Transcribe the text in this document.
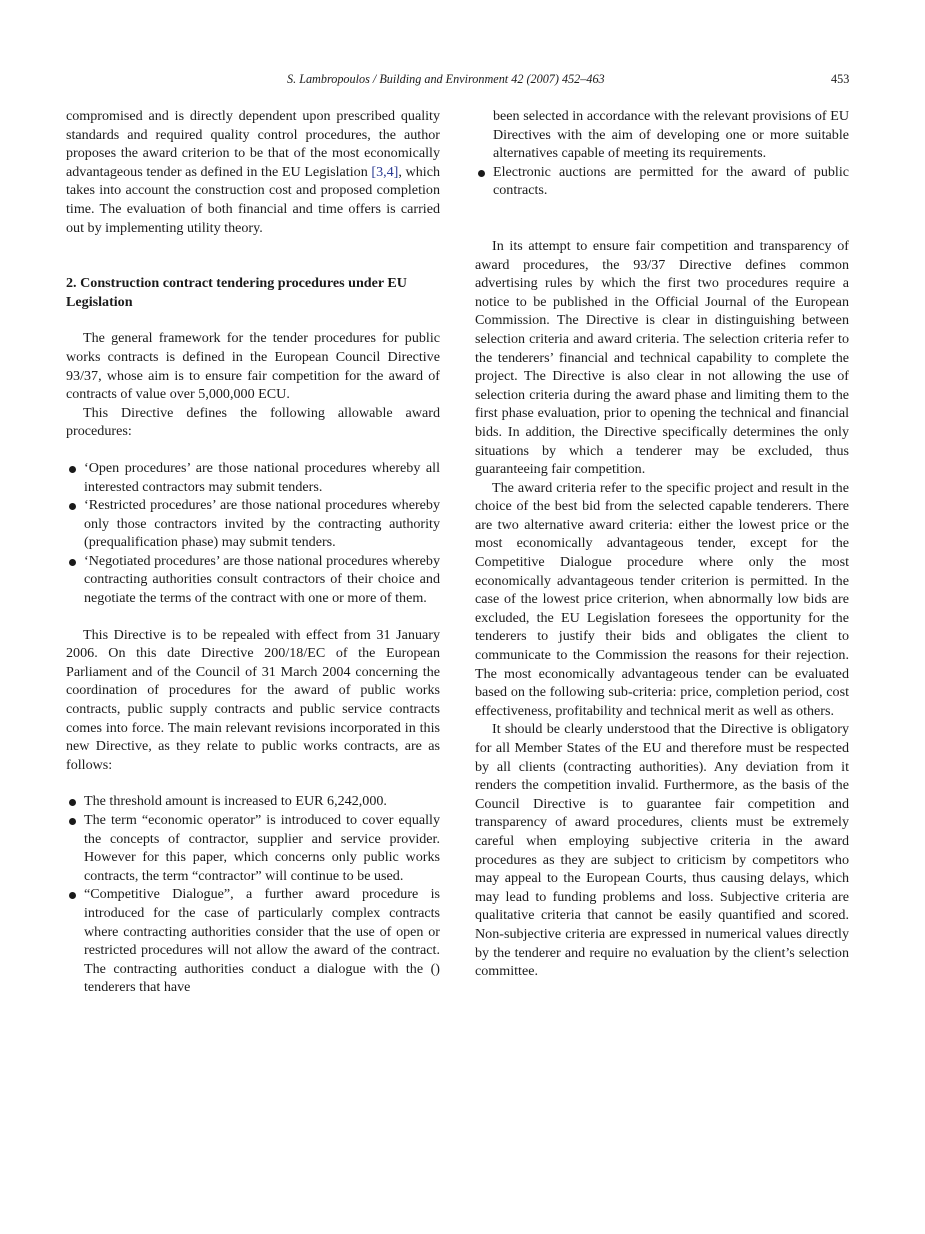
S. Lambropoulos / Building and Environment 42 (2007) 452–463	453

compromised and is directly dependent upon prescribed quality standards and required quality control procedures, the author proposes the award criterion to be that of the most economically advantageous tender as defined in the EU Legislation [3,4], which takes into account the construction cost and proposed completion time. The evaluation of both financial and time offers is carried out by implementing utility theory.

2. Construction contract tendering procedures under EU Legislation

The general framework for the tender procedures for public works contracts is defined in the European Council Directive 93/37, whose aim is to ensure fair competition for the award of contracts of value over 5,000,000 ECU.

This Directive defines the following allowable award procedures:

‘Open procedures’ are those national procedures whereby all interested contractors may submit tenders.
‘Restricted procedures’ are those national procedures whereby only those contractors invited by the contracting authority (prequalification phase) may submit tenders.
‘Negotiated procedures’ are those national procedures whereby contracting authorities consult contractors of their choice and negotiate the terms of the contract with one or more of them.

This Directive is to be repealed with effect from 31 January 2006. On this date Directive 200/18/EC of the European Parliament and of the Council of 31 March 2004 concerning the coordination of procedures for the award of public works contracts, public supply contracts and public service contracts comes into force. The main relevant revisions incorporated in this new Directive, as they relate to public works contracts, are as follows:

The threshold amount is increased to EUR 6,242,000.
The term “economic operator” is introduced to cover equally the concepts of contractor, supplier and service provider. However for this paper, which concerns only public works contracts, the term “contractor” will continue to be used.
“Competitive Dialogue”, a further award procedure is introduced for the case of particularly complex contracts where contracting authorities consider that the use of open or restricted procedures will not allow the award of the contract. The contracting authorities conduct a dialogue with the () tenderers that have

been selected in accordance with the relevant provisions of EU Directives with the aim of developing one or more suitable alternatives capable of meeting its requirements.

Electronic auctions are permitted for the award of public contracts.

In its attempt to ensure fair competition and transparency of award procedures, the 93/37 Directive defines common advertising rules by which the first two procedures require a notice to be published in the Official Journal of the European Commission. The Directive is clear in distinguishing between selection criteria and award criteria. The selection criteria refer to the tenderers’ financial and technical capability to complete the project. The Directive is also clear in not allowing the use of selection criteria during the award phase and limiting them to the first phase evaluation, prior to opening the technical and financial bids. In addition, the Directive specifically determines the only situations by which a tenderer may be excluded, thus guaranteeing fair competition.

The award criteria refer to the specific project and result in the choice of the best bid from the selected capable tenderers. There are two alternative award criteria: either the lowest price or the most economically advantageous tender, except for the Competitive Dialogue procedure where only the most economically advantageous tender criterion is permitted. In the case of the lowest price criterion, when abnormally low bids are excluded, the EU Legislation foresees the opportunity for the tenderers to justify their bids and obligates the client to communicate to the Commission the reasons for their rejection. The most economically advantageous tender can be evaluated based on the following sub-criteria: price, completion period, cost effectiveness, profitability and technical merit as well as others.

It should be clearly understood that the Directive is obligatory for all Member States of the EU and therefore must be respected by all clients (contracting authorities). Any deviation from it renders the competition invalid. Furthermore, as the basis of the Council Directive is to guarantee fair competition and transparency of award procedures, clients must be extremely careful when employing subjective criteria in the award procedures as they are subject to criticism by competitors who may appeal to the European Courts, thus causing delays, which may lead to funding problems and loss. Subjective criteria are qualitative criteria that cannot be easily quantified and scored. Non-subjective criteria are expressed in numerical values directly by the tenderer and require no evaluation by the client’s selection committee.
